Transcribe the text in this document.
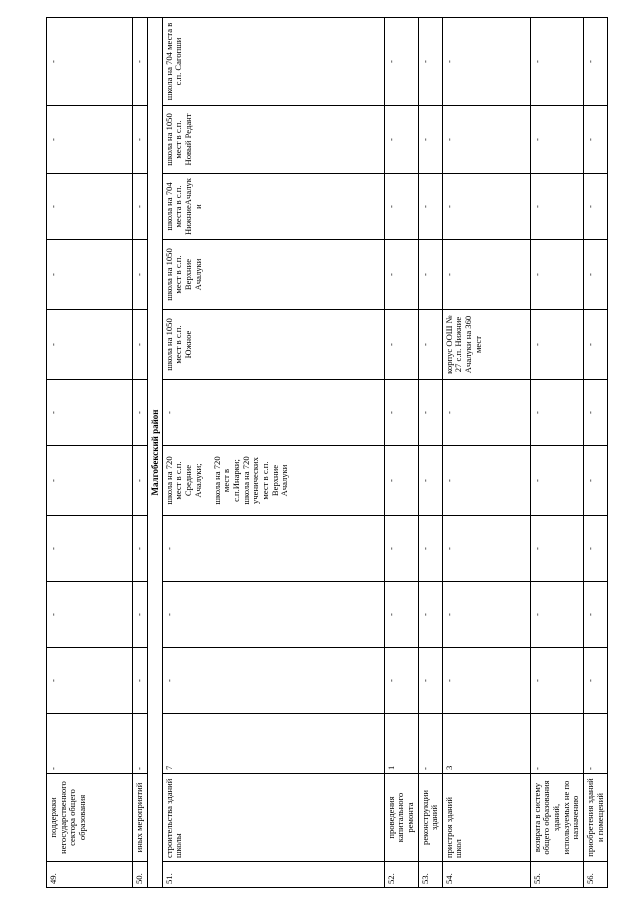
49.	поддержки негосударственного сектора общего образования	-	-	-	-	-	-	-	-	-	-	-
50.	иных мероприятий	-	-	-	-	-	-	-	-	-	-	-
Малгобекский район												
51.	строительства зданий школы	7	-	-	-	школа на 720 мест в с.п. Средние Ачалуки;

школа на 720 мест в с.п.Инарки;
школа на 720 ученических мест в с.п. Верхние Ачалуки	-	школа на 1050 мест в с.п. Южное	школа на 1050 мест в с.п. Верхние Ачалуки	школа на 704 места в с.п. НижниеАчалуки	школа на 1050 мест в с.п. Новый Редант	школа на 704 места в с.п. Сагопши
52.	проведения капитального ремонта	1	-	-	-	-	-	-	-	-	-	-
53.	реконструкции зданий	-	-	-	-	-	-	-	-	-	-	-
54.	пристроя зданий школ	3	-	-	-	-	-	корпус ООШ № 27 с.п. Нижние Ачалуки на 360 мест	-	-	-	-
55.	возврата в систему общего образования зданий, используемых не по назначению	-	-	-	-	-	-	-	-	-	-	-
56.	приобретения зданий и помещений	-	-	-	-	-	-	-	-	-	-	-
